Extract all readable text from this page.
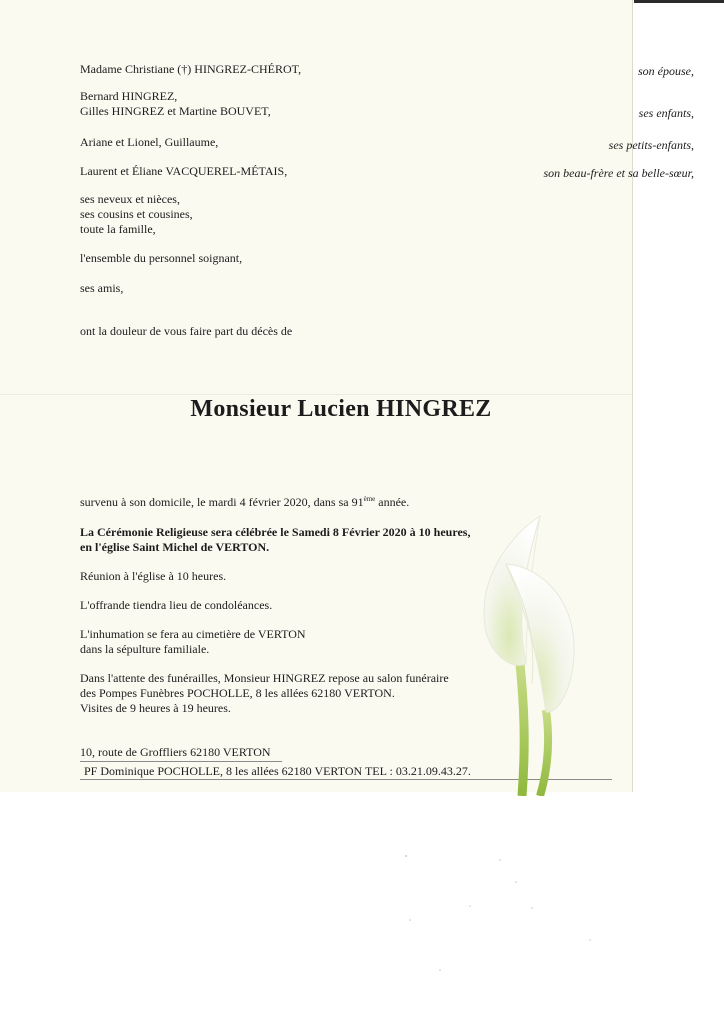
Madame Christiane (†) HINGREZ-CHÉROT,	son épouse,
Bernard HINGREZ,
Gilles HINGREZ et Martine BOUVET,	ses enfants,
Ariane et Lionel, Guillaume,	ses petits-enfants,
Laurent et Éliane VACQUEREL-MÉTAIS,	son beau-frère et sa belle-sœur,
ses neveux et nièces,
ses cousins et cousines,
toute la famille,
l'ensemble du personnel soignant,
ses amis,
ont la douleur de vous faire part du décès de
Monsieur Lucien HINGREZ
survenu à son domicile, le mardi 4 février 2020, dans sa 91ème année.
La Cérémonie Religieuse sera célébrée le Samedi 8 Février 2020 à 10 heures,
en l'église Saint Michel de VERTON.
Réunion à l'église à 10 heures.
L'offrande tiendra lieu de condoléances.
L'inhumation se fera au cimetière de VERTON
dans la sépulture familiale.
Dans l'attente des funérailles, Monsieur HINGREZ repose au salon funéraire
des Pompes Funèbres POCHOLLE, 8 les allées 62180 VERTON.
Visites de 9 heures à 19 heures.
10, route de Groffliers 62180 VERTON
PF Dominique POCHOLLE, 8 les allées 62180 VERTON TEL : 03.21.09.43.27.
